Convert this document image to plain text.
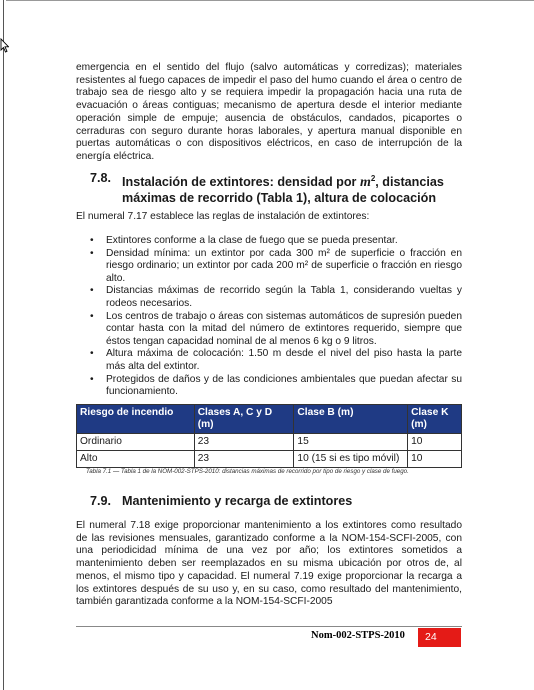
emergencia en el sentido del flujo (salvo automáticas y corredizas); materiales resistentes al fuego capaces de impedir el paso del humo cuando el área o centro de trabajo sea de riesgo alto y se requiera impedir la propagación hacia una ruta de evacuación o áreas contiguas; mecanismo de apertura desde el interior mediante operación simple de empuje; ausencia de obstáculos, candados, picaportes o cerraduras con seguro durante horas laborales, y apertura manual disponible en puertas automáticas o con dispositivos eléctricos, en caso de interrupción de la energía eléctrica.

7.8. Instalación de extintores: densidad por $m^2$, distancias
máximas de recorrido (Tabla 1), altura de colocación

El numeral 7.17 establece las reglas de instalación de extintores:

• Extintores conforme a la clase de fuego que se pueda presentar.
• Densidad mínima: un extintor por cada 300 m² de superficie o fracción en riesgo ordinario; un extintor por cada 200 m² de superficie o fracción en riesgo alto.
• Distancias máximas de recorrido según la Tabla 1, considerando vueltas y rodeos necesarios.
• Los centros de trabajo o áreas con sistemas automáticos de supresión pueden contar hasta con la mitad del número de extintores requerido, siempre que éstos tengan capacidad nominal de al menos 6 kg o 9 litros.
• Altura máxima de colocación: 1.50 m desde el nivel del piso hasta la parte más alta del extintor.
• Protegidos de daños y de las condiciones ambientales que puedan afectar su funcionamiento.
Riesgo de incendio	Clases A, C y D (m)	Clase B (m)	Clase K (m)
Ordinario	23	15	10
Alto	23	10 (15 si es tipo móvil)	10
Tabla 7.1 — Tabla 1 de la NOM-002-STPS-2010: distancias máximas de recorrido por tipo de riesgo y clase de fuego.
7.9. Mantenimiento y recarga de extintores

El numeral 7.18 exige proporcionar mantenimiento a los extintores como resultado de las revisiones mensuales, garantizado conforme a la NOM-154-SCFI-2005, con una periodicidad mínima de una vez por año; los extintores sometidos a mantenimiento deben ser reemplazados en su misma ubicación por otros de, al menos, el mismo tipo y capacidad. El numeral 7.19 exige proporcionar la recarga a los extintores después de su uso y, en su caso, como resultado del mantenimiento, también garantizada conforme a la NOM-154-SCFI-2005

Nom-002-STPS-2010	24
